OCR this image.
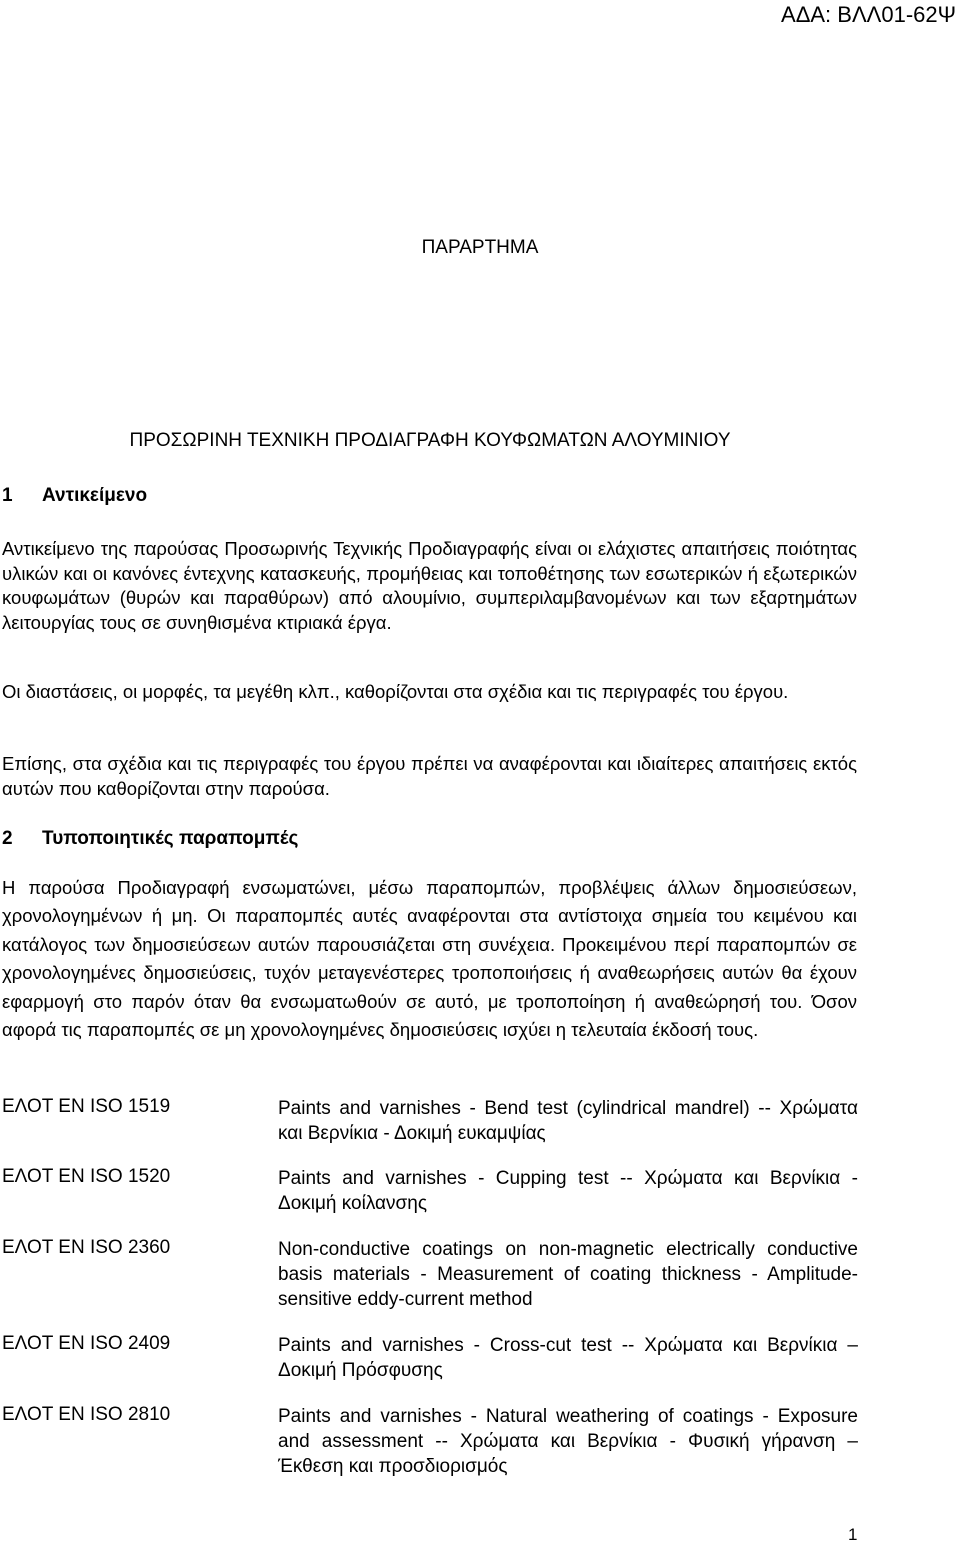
ΑΔΑ: ΒΛΛ01-62Ψ
ΠΑΡΑΡΤΗΜΑ
ΠΡΟΣΩΡΙΝΗ ΤΕΧΝΙΚΗ ΠΡΟΔΙΑΓΡΑΦΗ ΚΟΥΦΩΜΑΤΩΝ ΑΛΟΥΜΙΝΙΟΥ
1 Αντικείμενο
Αντικείμενο της παρούσας Προσωρινής Τεχνικής Προδιαγραφής είναι οι ελάχιστες απαιτήσεις ποιότητας υλικών και οι κανόνες έντεχνης κατασκευής, προμήθειας και τοποθέτησης των εσωτερικών ή εξωτερικών κουφωμάτων (θυρών και παραθύρων) από αλουμίνιο, συμπεριλαμβανομένων και των εξαρτημάτων λειτουργίας τους σε συνηθισμένα κτιριακά έργα.
Οι διαστάσεις, οι μορφές, τα μεγέθη κλπ., καθορίζονται στα σχέδια και τις περιγραφές του έργου.
Επίσης, στα σχέδια και τις περιγραφές του έργου πρέπει να αναφέρονται και ιδιαίτερες απαιτήσεις εκτός αυτών που καθορίζονται στην παρούσα.
2 Τυποποιητικές παραπομπές
Η παρούσα Προδιαγραφή ενσωματώνει, μέσω παραπομπών, προβλέψεις άλλων δημοσιεύσεων, χρονολογημένων ή μη. Οι παραπομπές αυτές αναφέρονται στα αντίστοιχα σημεία του κειμένου και κατάλογος των δημοσιεύσεων αυτών παρουσιάζεται στη συνέχεια. Προκειμένου περί παραπομπών σε χρονολογημένες δημοσιεύσεις, τυχόν μεταγενέστερες τροποποιήσεις ή αναθεωρήσεις αυτών θα έχουν εφαρμογή στο παρόν όταν θα ενσωματωθούν σε αυτό, με τροποποίηση ή αναθεώρησή του. Όσον αφορά τις παραπομπές σε μη χρονολογημένες δημοσιεύσεις ισχύει η τελευταία έκδοσή τους.
ΕΛΟΤ EN ISO 1519	Paints and varnishes - Bend test (cylindrical mandrel) -- Χρώματα και Βερνίκια - Δοκιμή ευκαμψίας
ΕΛΟΤ EN ISO 1520	Paints and varnishes - Cupping test -- Χρώματα και Βερνίκια - Δοκιμή κοίλανσης
ΕΛΟΤ EN ISO 2360	Non-conductive coatings on non-magnetic electrically conductive basis materials - Measurement of coating thickness - Amplitude-sensitive eddy-current method
ΕΛΟΤ EN ISO 2409	Paints and varnishes - Cross-cut test -- Χρώματα και Βερνίκια – Δοκιμή Πρόσφυσης
ΕΛΟΤ EN ISO 2810	Paints and varnishes - Natural weathering of coatings - Exposure and assessment -- Χρώματα και Βερνίκια - Φυσική γήρανση – Έκθεση και προσδιορισμός
1
